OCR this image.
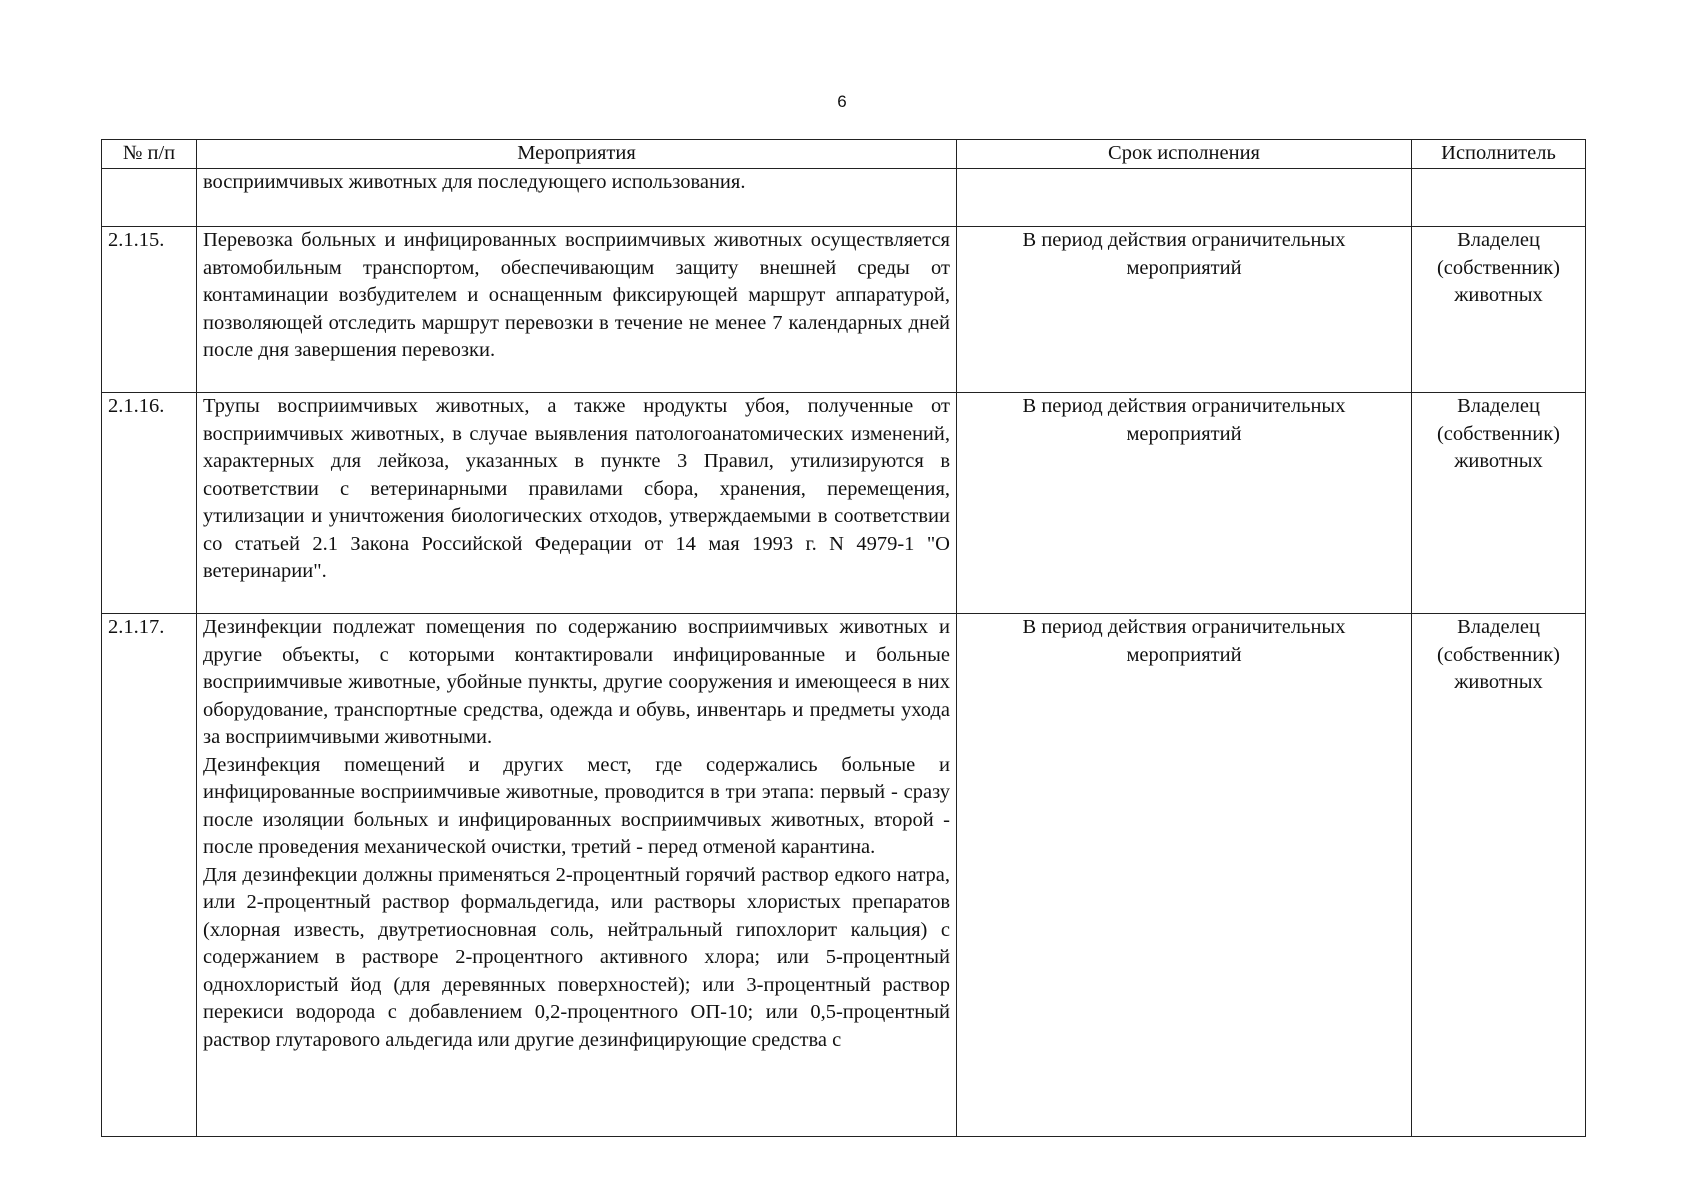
6
№ п/п	Мероприятия	Срок исполнения	Исполнитель

	восприимчивых животных для последующего использования.		

2.1.15.	Перевозка больных и инфицированных восприимчивых животных осуществляется автомобильным транспортом, обеспечивающим защиту внешней среды от контаминации возбудителем и оснащенным фиксирующей маршрут аппаратурой, позволяющей отследить маршрут перевозки в течение не менее 7 календарных дней после дня завершения перевозки.	В период действия ограничительных мероприятий	Владелец (собственник) животных
2.1.16.	Трупы восприимчивых животных, а также нродукты убоя, полученные от восприимчивых животных, в случае выявления патологоанатомических изменений, характерных для лейкоза, указанных в пункте 3 Правил, утилизируются в соответствии с ветеринарными правилами сбора, хранения, перемещения, утилизации и уничтожения биологических отходов, утверждаемыми в соответствии со статьей 2.1 Закона Российской Федерации от 14 мая 1993 г. N 4979-1 "О ветеринарии".	В период действия ограничительных мероприятий	Владелец (собственник) животных
2.1.17.	Дезинфекции подлежат помещения по содержанию восприимчивых животных и другие объекты, с которыми контактировали инфицированные и больные восприимчивые животные, убойные пункты, другие сооружения и имеющееся в них оборудование, транспортные средства, одежда и обувь, инвентарь и предметы ухода за восприимчивыми животными.

Дезинфекция помещений и других мест, где содержались больные и инфицированные восприимчивые животные, проводится в три этапа: первый - сразу после изоляции больных и инфицированных восприимчивых животных, второй - после проведения механической очистки, третий - перед отменой карантина.

Для дезинфекции должны применяться 2-процентный горячий раствор едкого натра, или 2-процентный раствор формальдегида, или растворы хлористых препаратов (хлорная известь, двутретиосновная соль, нейтральный гипохлорит кальция) с содержанием в растворе 2-процентного активного хлора; или 5-процентный однохлористый йод (для деревянных поверхностей); или 3-процентный раствор перекиси водорода с добавлением 0,2-процентного ОП-10; или 0,5-процентный раствор глутарового альдегида или другие дезинфицирующие средства с	В период действия ограничительных мероприятий	Владелец (собственник) животных
